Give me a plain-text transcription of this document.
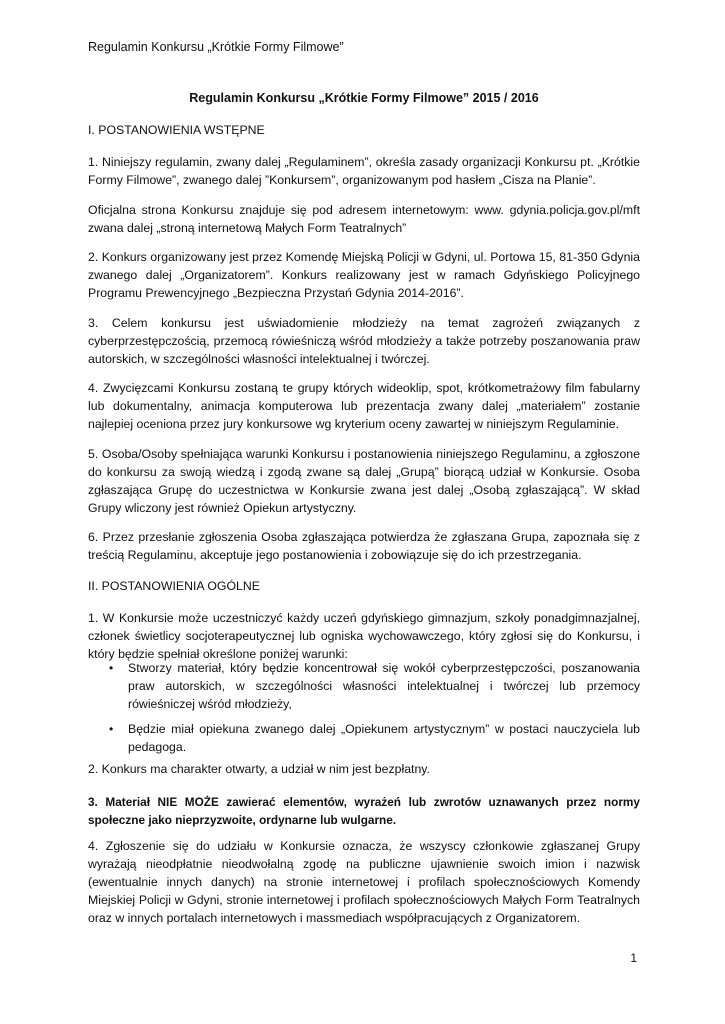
Regulamin Konkursu „Krótkie Formy Filmowe”

Regulamin Konkursu „Krótkie Formy Filmowe” 2015 / 2016

I. POSTANOWIENIA WSTĘPNE

1. Niniejszy regulamin, zwany dalej „Regulaminem”, określa zasady organizacji Konkursu pt. „Krótkie Formy Filmowe”, zwanego dalej ”Konkursem”, organizowanym pod hasłem „Cisza na Planie”.

Oficjalna strona Konkursu znajduje się pod adresem internetowym: www. gdynia.policja.gov.pl/mft zwana dalej „stroną internetową Małych Form Teatralnych”

2. Konkurs organizowany jest przez Komendę Miejską Policji w Gdyni, ul. Portowa 15, 81-350 Gdynia zwanego dalej „Organizatorem”. Konkurs realizowany jest w ramach Gdyńskiego Policyjnego Programu Prewencyjnego „Bezpieczna Przystań Gdynia 2014-2016”.

3. Celem konkursu jest uświadomienie młodzieży na temat zagrożeń związanych z cyberprzestępczością, przemocą rówieśniczą wśród młodzieży a także potrzeby poszanowania praw autorskich, w szczególności własności intelektualnej i twórczej.

4. Zwycięzcami Konkursu zostaną te grupy których wideoklip, spot, krótkometrażowy film fabularny lub dokumentalny, animacja komputerowa lub prezentacja zwany dalej „materiałem” zostanie najlepiej oceniona przez jury konkursowe wg kryterium oceny zawartej w niniejszym Regulaminie.

5. Osoba/Osoby spełniająca warunki Konkursu i postanowienia niniejszego Regulaminu, a zgłoszone do konkursu za swoją wiedzą i zgodą zwane są dalej „Grupą” biorącą udział w Konkursie. Osoba zgłaszająca Grupę do uczestnictwa w Konkursie zwana jest dalej „Osobą zgłaszającą”. W skład Grupy wliczony jest również Opiekun artystyczny.

6. Przez przesłanie zgłoszenia Osoba zgłaszająca potwierdza że zgłaszana Grupa, zapoznała się z treścią Regulaminu, akceptuje jego postanowienia i zobowiązuje się do ich przestrzegania.

II. POSTANOWIENIA OGÓLNE

1. W Konkursie może uczestniczyć każdy uczeń gdyńskiego gimnazjum, szkoły ponadgimnazjalnej, członek świetlicy socjoterapeutycznej lub ogniska wychowawczego, który zgłosi się do Konkursu, i który będzie spełniał określone poniżej warunki:

• Stworzy materiał, który będzie koncentrował się wokół cyberprzestępczości, poszanowania praw autorskich, w szczególności własności intelektualnej i twórczej lub przemocy rówieśniczej wśród młodzieży,
• Będzie miał opiekuna zwanego dalej „Opiekunem artystycznym” w postaci nauczyciela lub pedagoga.

2. Konkurs ma charakter otwarty, a udział w nim jest bezpłatny.

3. Materiał NIE MOŻE zawierać elementów, wyrażeń lub zwrotów uznawanych przez normy społeczne jako nieprzyzwoite, ordynarne lub wulgarne.

4. Zgłoszenie się do udziału w Konkursie oznacza, że wszyscy członkowie zgłaszanej Grupy wyrażają nieodpłatnie nieodwołalną zgodę na publiczne ujawnienie swoich imion i nazwisk (ewentualnie innych danych) na stronie internetowej i profilach społecznościowych Komendy Miejskiej Policji w Gdyni, stronie internetowej i profilach społecznościowych Małych Form Teatralnych oraz w innych portalach internetowych i massmediach współpracujących z Organizatorem.

1
